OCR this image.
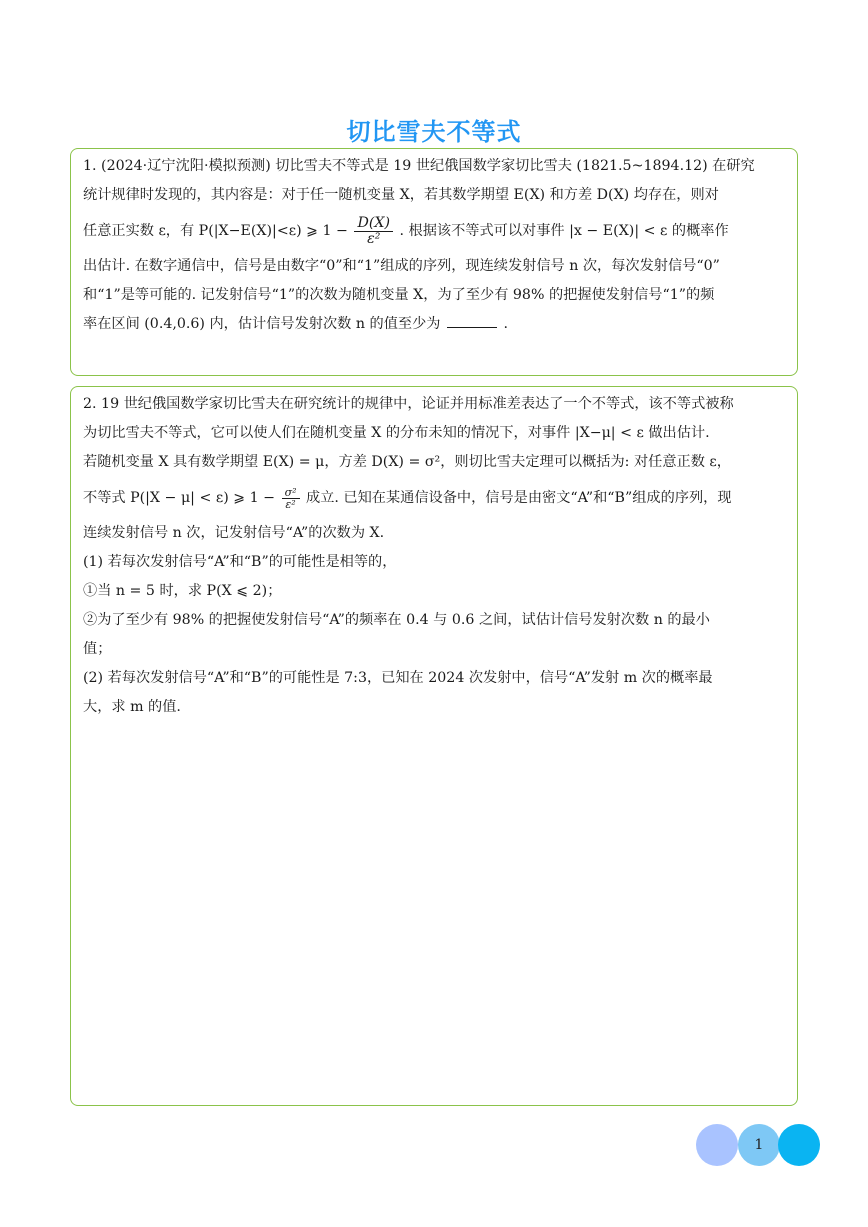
切比雪夫不等式
1. (2024·辽宁沈阳·模拟预测) 切比雪夫不等式是 19 世纪俄国数学家切比雪夫 (1821.5~1894.12) 在研究
统计规律时发现的，其内容是：对于任一随机变量 X，若其数学期望 E(X) 和方差 D(X) 均存在，则对
任意正实数 ε，有 P(|X−E(X)|<ε) ⩾ $1 - \frac{D(X)}{\text{ε²}}$ . 根据该不等式可以对事件 |x − E(X)| < ε 的概率作
出估计. 在数字通信中，信号是由数字“0”和“1”组成的序列，现连续发射信号 n 次，每次发射信号“0”
和“1”是等可能的. 记发射信号“1”的次数为随机变量 X，为了至少有 98% 的把握使发射信号“1”的频
率在区间 (0.4,0.6) 内，估计信号发射次数 n 的值至少为	.
2. 19 世纪俄国数学家切比雪夫在研究统计的规律中，论证并用标准差表达了一个不等式，该不等式被称
为切比雪夫不等式，它可以使人们在随机变量 X 的分布未知的情况下，对事件 |X−μ| < ε 做出估计.
若随机变量 X 具有数学期望 E(X) = μ，方差 D(X) = σ²，则切比雪夫定理可以概括为: 对任意正数 ε，
不等式 P(|X − μ| < ε) ⩾ $1 - \frac{\text{σ²}}{\text{ε²}}$ 成立. 已知在某通信设备中，信号是由密文“A”和“B”组成的序列，现
连续发射信号 n 次，记发射信号“A”的次数为 X.
(1) 若每次发射信号“A”和“B”的可能性是相等的，
①当 n = 5 时，求 P(X ⩽ 2)；
②为了至少有 98% 的把握使发射信号“A”的频率在 0.4 与 0.6 之间，试估计信号发射次数 n 的最小
值；
(2) 若每次发射信号“A”和“B”的可能性是 7:3，已知在 2024 次发射中，信号“A”发射 m 次的概率最
大，求 m 的值.
1
